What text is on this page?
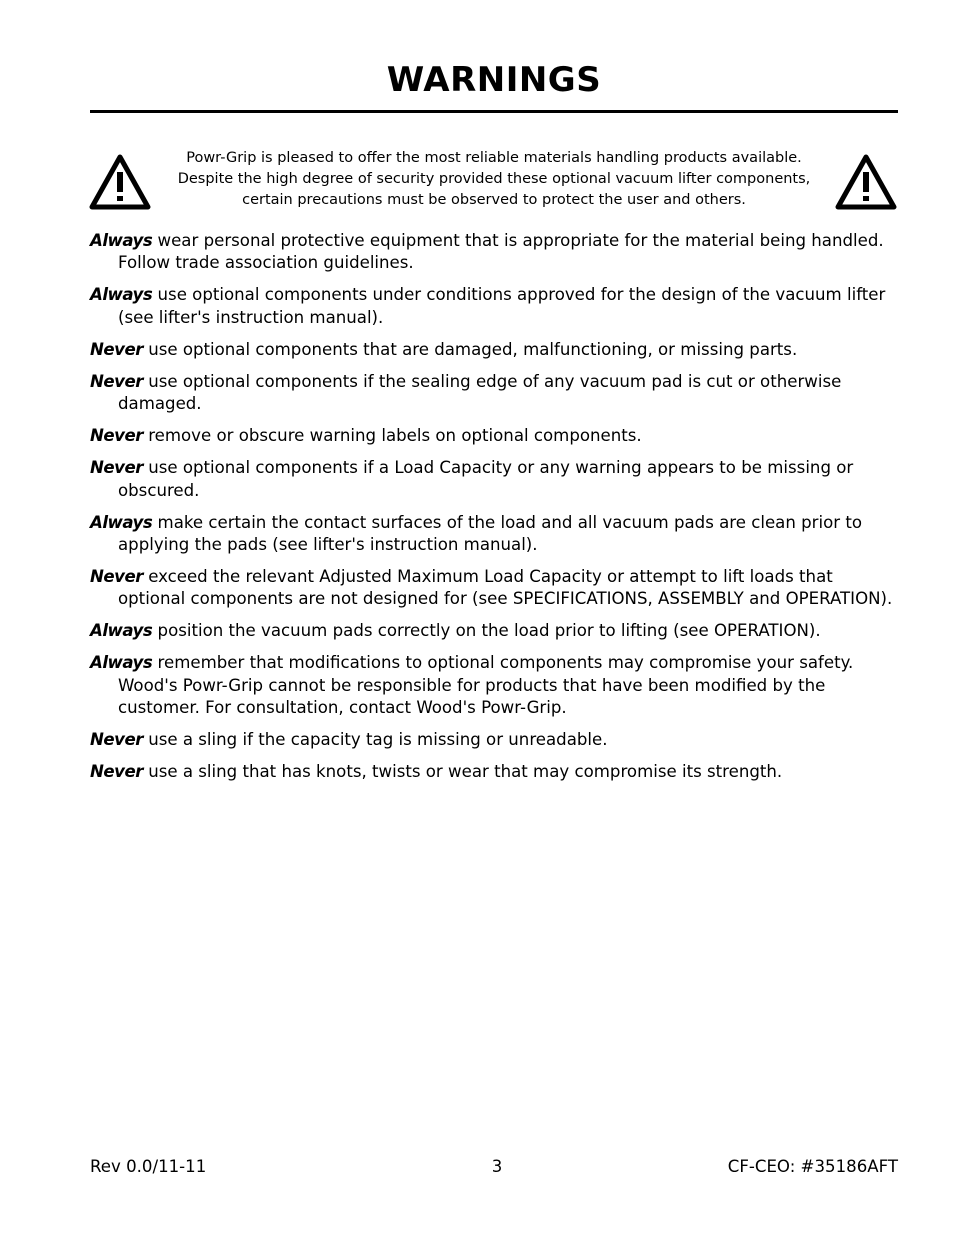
WARNINGS

Powr-Grip is pleased to offer the most reliable materials handling products available.
Despite the high degree of security provided these optional vacuum lifter components,
certain precautions must be observed to protect the user and others.

Always wear personal protective equipment that is appropriate for the material being handled. Follow trade association guidelines.
Always use optional components under conditions approved for the design of the vacuum lifter (see lifter's instruction manual).
Never use optional components that are damaged, malfunctioning, or missing parts.
Never use optional components if the sealing edge of any vacuum pad is cut or otherwise damaged.
Never remove or obscure warning labels on optional components.
Never use optional components if a Load Capacity or any warning appears to be missing or obscured.
Always make certain the contact surfaces of the load and all vacuum pads are clean prior to applying the pads (see lifter's instruction manual).
Never exceed the relevant Adjusted Maximum Load Capacity or attempt to lift loads that optional components are not designed for (see SPECIFICATIONS, ASSEMBLY and OPERATION).
Always position the vacuum pads correctly on the load prior to lifting (see OPERATION).
Always remember that modifications to optional components may compromise your safety. Wood's Powr-Grip cannot be responsible for products that have been modified by the customer. For consultation, contact Wood's Powr-Grip.
Never use a sling if the capacity tag is missing or unreadable.
Never use a sling that has knots, twists or wear that may compromise its strength.
Rev 0.0/11-11	3	CF-CEO: #35186AFT
